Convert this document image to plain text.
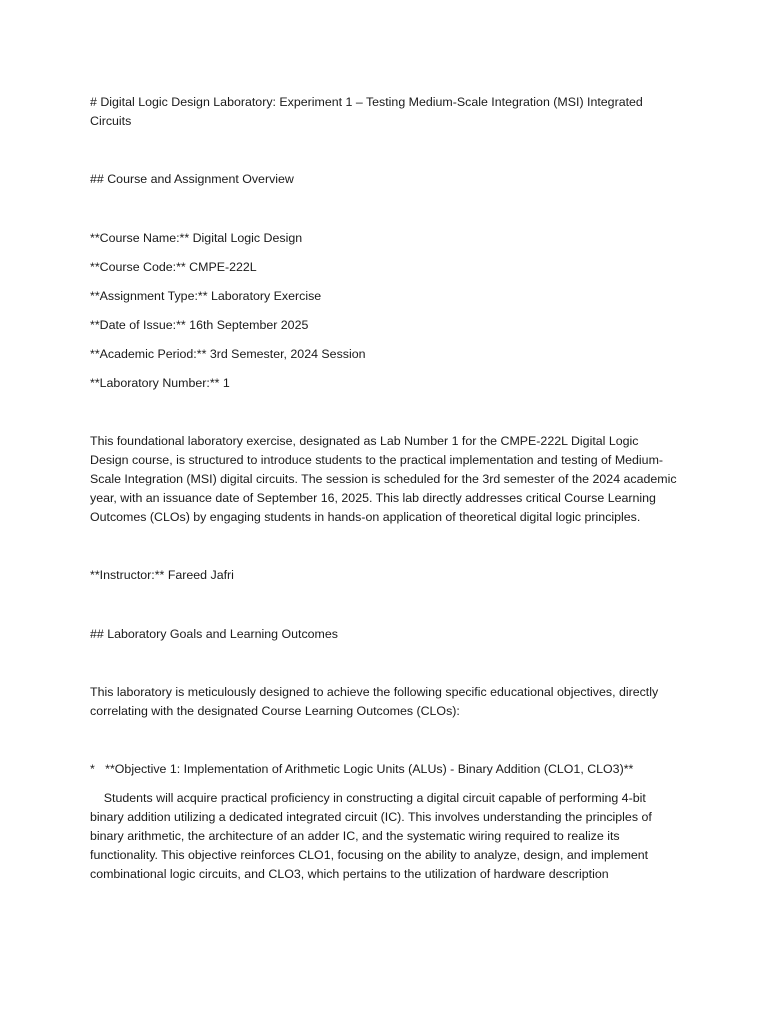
# Digital Logic Design Laboratory: Experiment 1 – Testing Medium-Scale Integration (MSI) Integrated Circuits

## Course and Assignment Overview

**Course Name:** Digital Logic Design

**Course Code:** CMPE-222L

**Assignment Type:** Laboratory Exercise

**Date of Issue:** 16th September 2025

**Academic Period:** 3rd Semester, 2024 Session

**Laboratory Number:** 1

This foundational laboratory exercise, designated as Lab Number 1 for the CMPE-222L Digital Logic Design course, is structured to introduce students to the practical implementation and testing of Medium-Scale Integration (MSI) digital circuits. The session is scheduled for the 3rd semester of the 2024 academic year, with an issuance date of September 16, 2025. This lab directly addresses critical Course Learning Outcomes (CLOs) by engaging students in hands-on application of theoretical digital logic principles.

**Instructor:** Fareed Jafri

## Laboratory Goals and Learning Outcomes

This laboratory is meticulously designed to achieve the following specific educational objectives, directly correlating with the designated Course Learning Outcomes (CLOs):

*   **Objective 1: Implementation of Arithmetic Logic Units (ALUs) - Binary Addition (CLO1, CLO3)**

Students will acquire practical proficiency in constructing a digital circuit capable of performing 4-bit binary addition utilizing a dedicated integrated circuit (IC). This involves understanding the principles of binary arithmetic, the architecture of an adder IC, and the systematic wiring required to realize its functionality. This objective reinforces CLO1, focusing on the ability to analyze, design, and implement combinational logic circuits, and CLO3, which pertains to the utilization of hardware description
